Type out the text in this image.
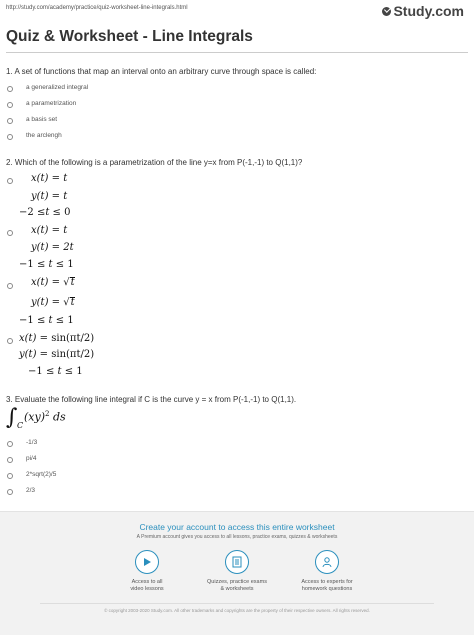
http://study.com/academy/practice/quiz-worksheet-line-integrals.html	Study.com
Quiz & Worksheet - Line Integrals
1. A set of functions that map an interval onto an arbitrary curve through space is called:
a generalized integral
a parametrization
a basis set
the arclengh
2. Which of the following is a parametrization of the line y=x from P(-1,-1) to Q(1,1)?
x(t) = t
y(t) = t
−2 ≤t ≤ 0
x(t) = t
y(t) = 2t
−1 ≤ t ≤ 1
x(t) = √t
y(t) = √t
−1 ≤ t ≤ 1
x(t) = sin(πt/2)
y(t) = sin(πt/2)
−1 ≤ t ≤ 1
3. Evaluate the following line integral if C is the curve y = x from P(-1,-1) to Q(1,1).
∫ C
(xy)$^2$ ds
-1/3
pi/4
2*sqrt(2)/5
2/3
Create your account to access this entire worksheet
A Premium account gives you access to all lessons, practice exams, quizzes & worksheets
Access to all
video lessons
Quizzes, practice exams
& worksheets
Access to experts for
homework questions
© copyright 2003-2020 Study.com. All other trademarks and copyrights are the property of their respective owners. All rights reserved.
